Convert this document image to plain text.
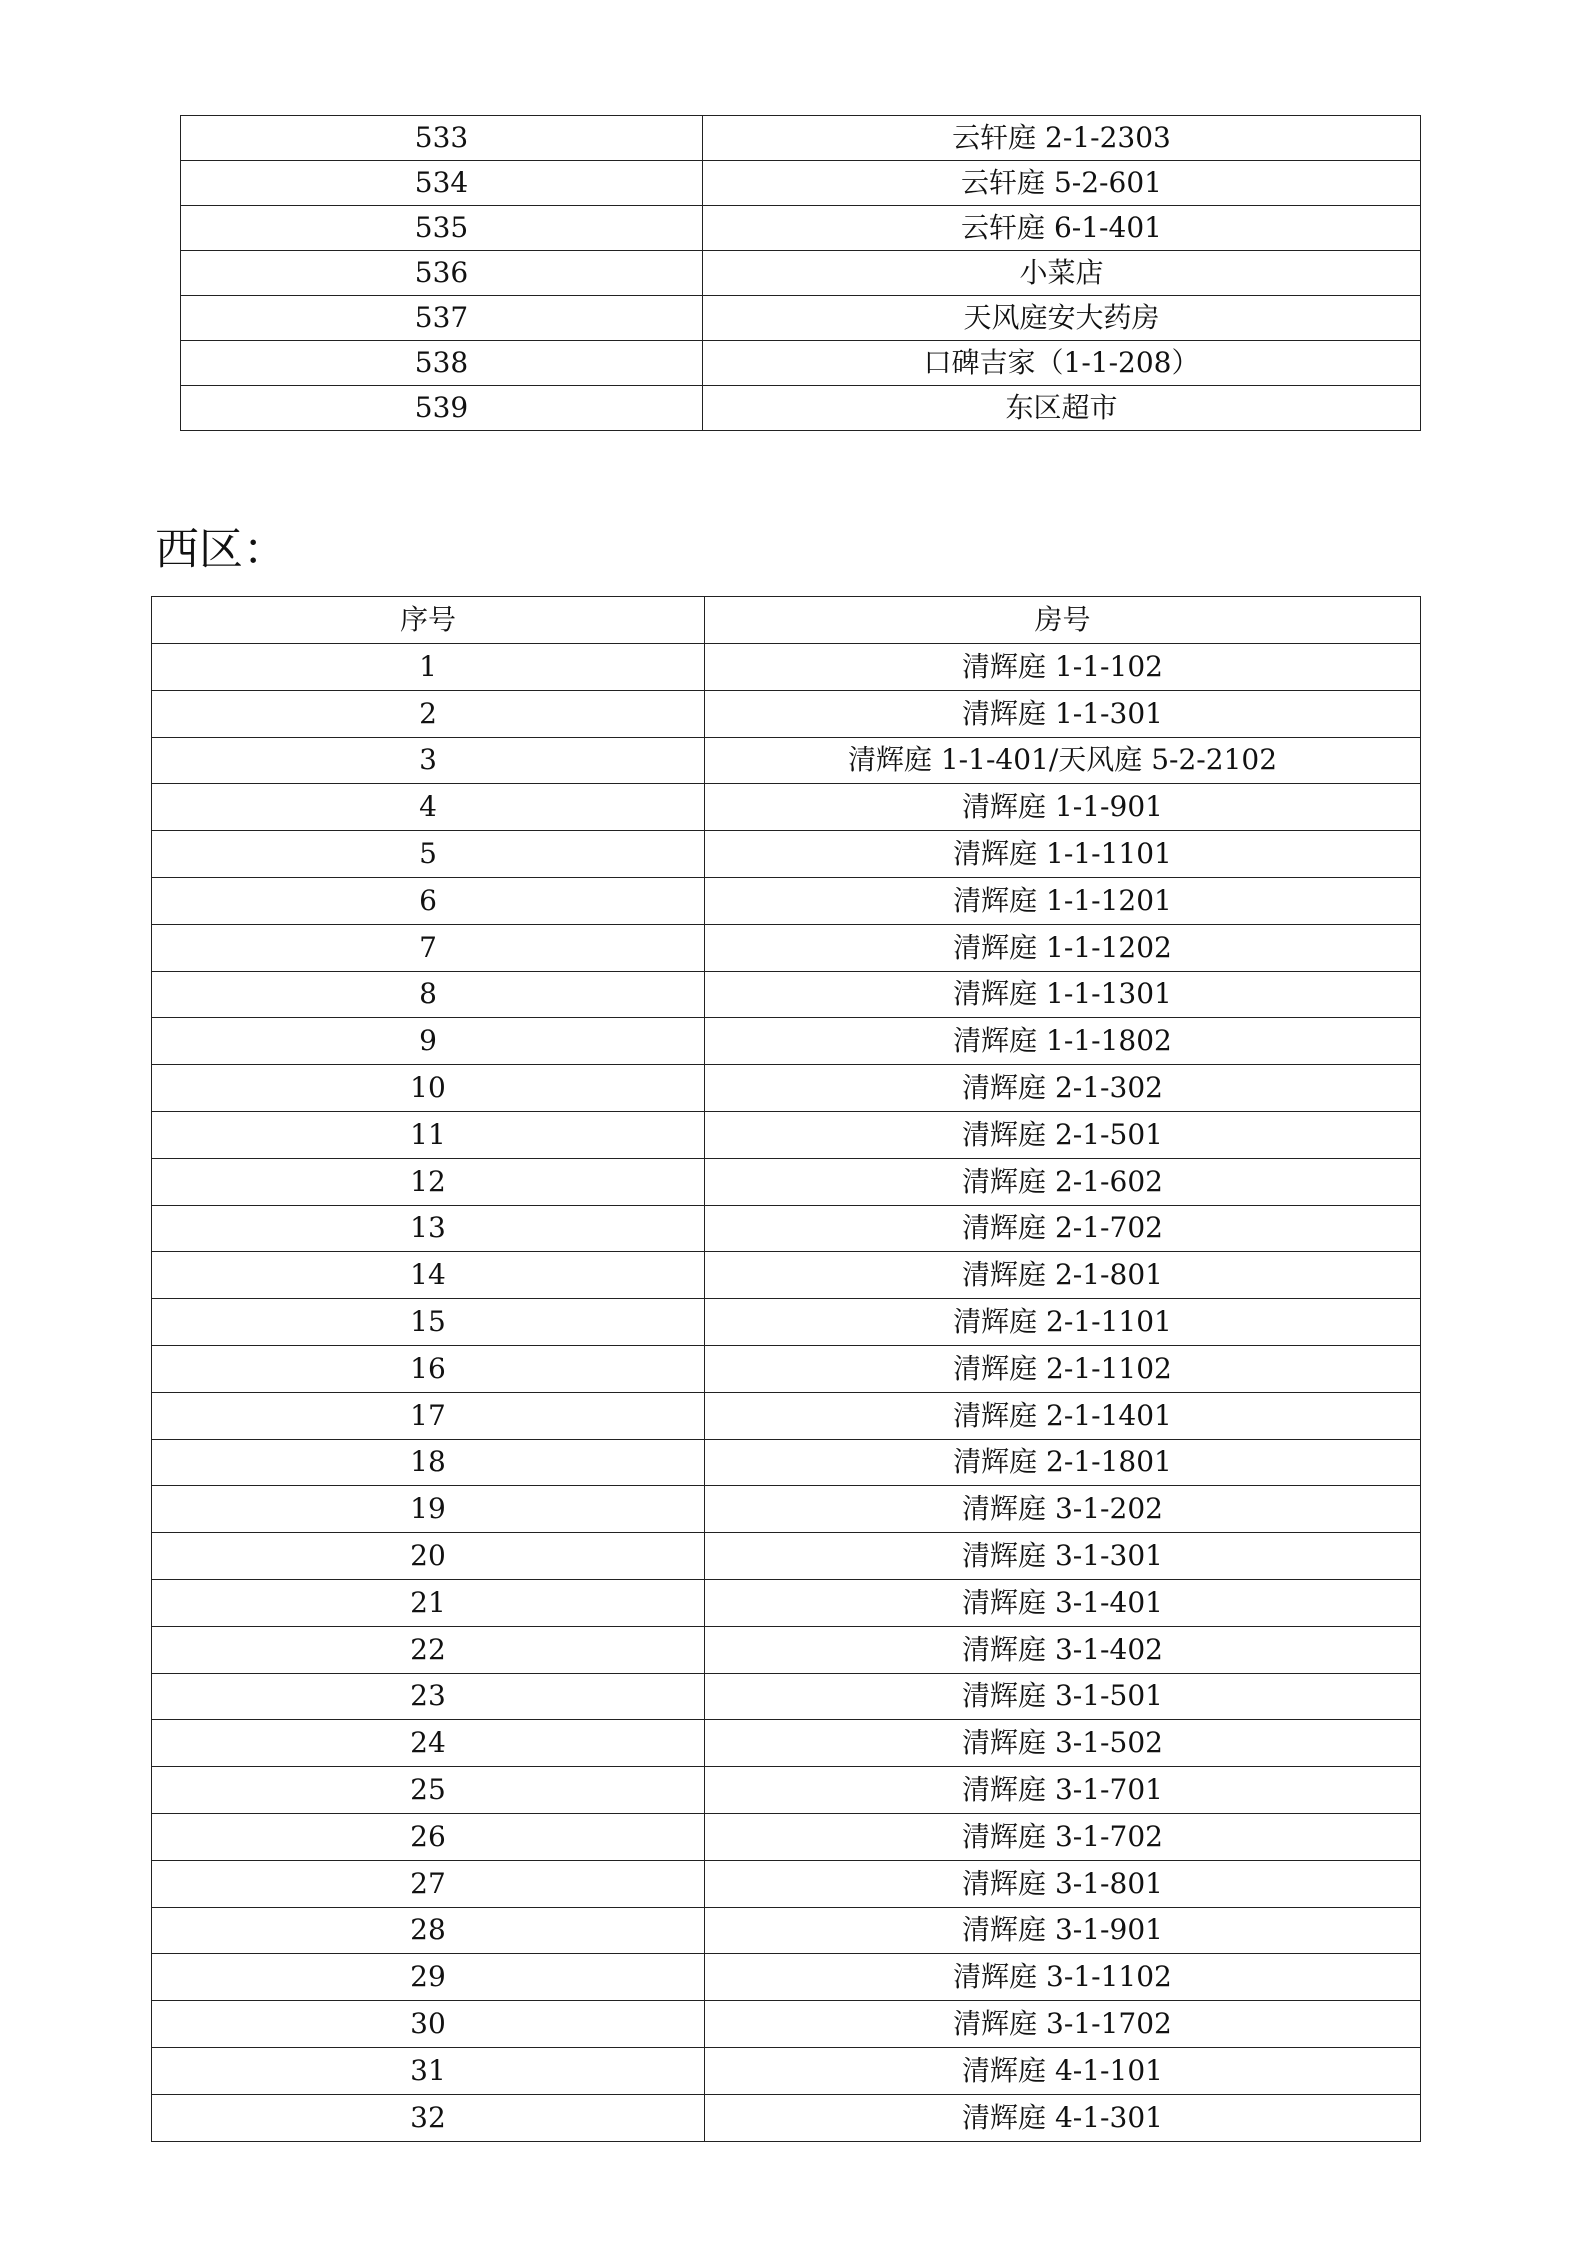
533	云轩庭 2-1-2303
534	云轩庭 5-2-601
535	云轩庭 6-1-401
536	小菜店
537	天风庭安大药房
538	口碑吉家（1-1-208）
539	东区超市
西区：
序号	房号
1	清辉庭 1-1-102
2	清辉庭 1-1-301
3	清辉庭 1-1-401/天风庭 5-2-2102
4	清辉庭 1-1-901
5	清辉庭 1-1-1101
6	清辉庭 1-1-1201
7	清辉庭 1-1-1202
8	清辉庭 1-1-1301
9	清辉庭 1-1-1802
10	清辉庭 2-1-302
11	清辉庭 2-1-501
12	清辉庭 2-1-602
13	清辉庭 2-1-702
14	清辉庭 2-1-801
15	清辉庭 2-1-1101
16	清辉庭 2-1-1102
17	清辉庭 2-1-1401
18	清辉庭 2-1-1801
19	清辉庭 3-1-202
20	清辉庭 3-1-301
21	清辉庭 3-1-401
22	清辉庭 3-1-402
23	清辉庭 3-1-501
24	清辉庭 3-1-502
25	清辉庭 3-1-701
26	清辉庭 3-1-702
27	清辉庭 3-1-801
28	清辉庭 3-1-901
29	清辉庭 3-1-1102
30	清辉庭 3-1-1702
31	清辉庭 4-1-101
32	清辉庭 4-1-301
